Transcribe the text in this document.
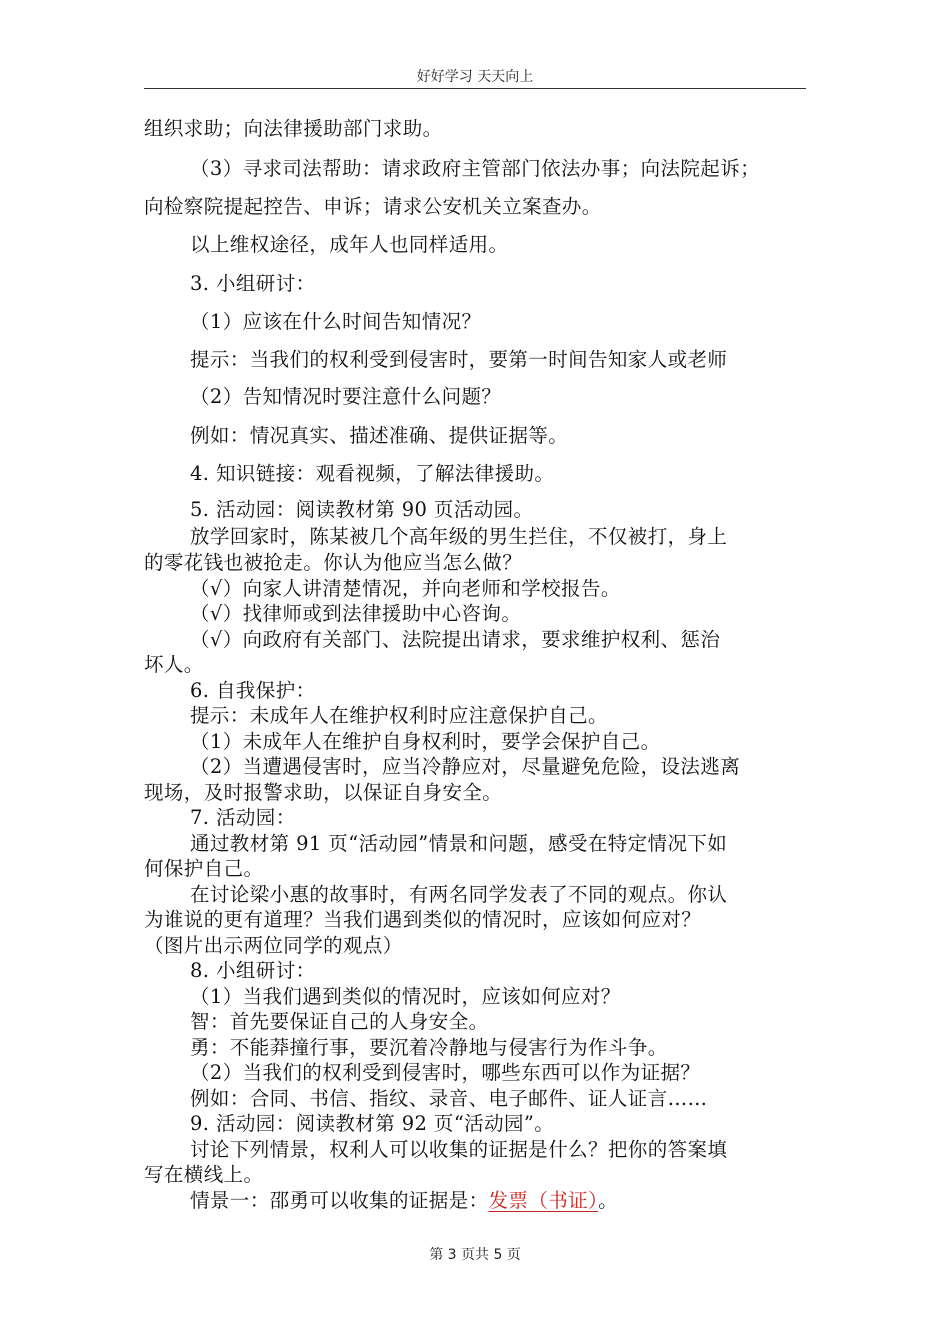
好好学习 天天向上
组织求助；向法律援助部门求助。
（3）寻求司法帮助：请求政府主管部门依法办事；向法院起诉；
向检察院提起控告、申诉；请求公安机关立案查办。
以上维权途径，成年人也同样适用。
3. 小组研讨：
（1）应该在什么时间告知情况？
提示：当我们的权利受到侵害时，要第一时间告知家人或老师
（2）告知情况时要注意什么问题？
例如：情况真实、描述准确、提供证据等。
4. 知识链接：观看视频，了解法律援助。
5. 活动园：阅读教材第 90 页活动园。
放学回家时，陈某被几个高年级的男生拦住，不仅被打，身上
的零花钱也被抢走。你认为他应当怎么做？
（√）向家人讲清楚情况，并向老师和学校报告。
（√）找律师或到法律援助中心咨询。
（√）向政府有关部门、法院提出请求，要求维护权利、惩治
坏人。
6. 自我保护：
提示：未成年人在维护权利时应注意保护自己。
（1）未成年人在维护自身权利时，要学会保护自己。
（2）当遭遇侵害时，应当冷静应对，尽量避免危险，设法逃离
现场，及时报警求助，以保证自身安全。
7. 活动园：
通过教材第 91 页“活动园”情景和问题，感受在特定情况下如
何保护自己。
在讨论梁小惠的故事时，有两名同学发表了不同的观点。你认
为谁说的更有道理？当我们遇到类似的情况时，应该如何应对？
（图片出示两位同学的观点）
8. 小组研讨：
（1）当我们遇到类似的情况时，应该如何应对？
智：首先要保证自己的人身安全。
勇：不能莽撞行事，要沉着冷静地与侵害行为作斗争。
（2）当我们的权利受到侵害时，哪些东西可以作为证据？
例如：合同、书信、指纹、录音、电子邮件、证人证言……
9. 活动园：阅读教材第 92 页“活动园”。
讨论下列情景，权利人可以收集的证据是什么？把你的答案填
写在横线上。
情景一：邵勇可以收集的证据是：发票（书证）。
第 3 页共 5 页
